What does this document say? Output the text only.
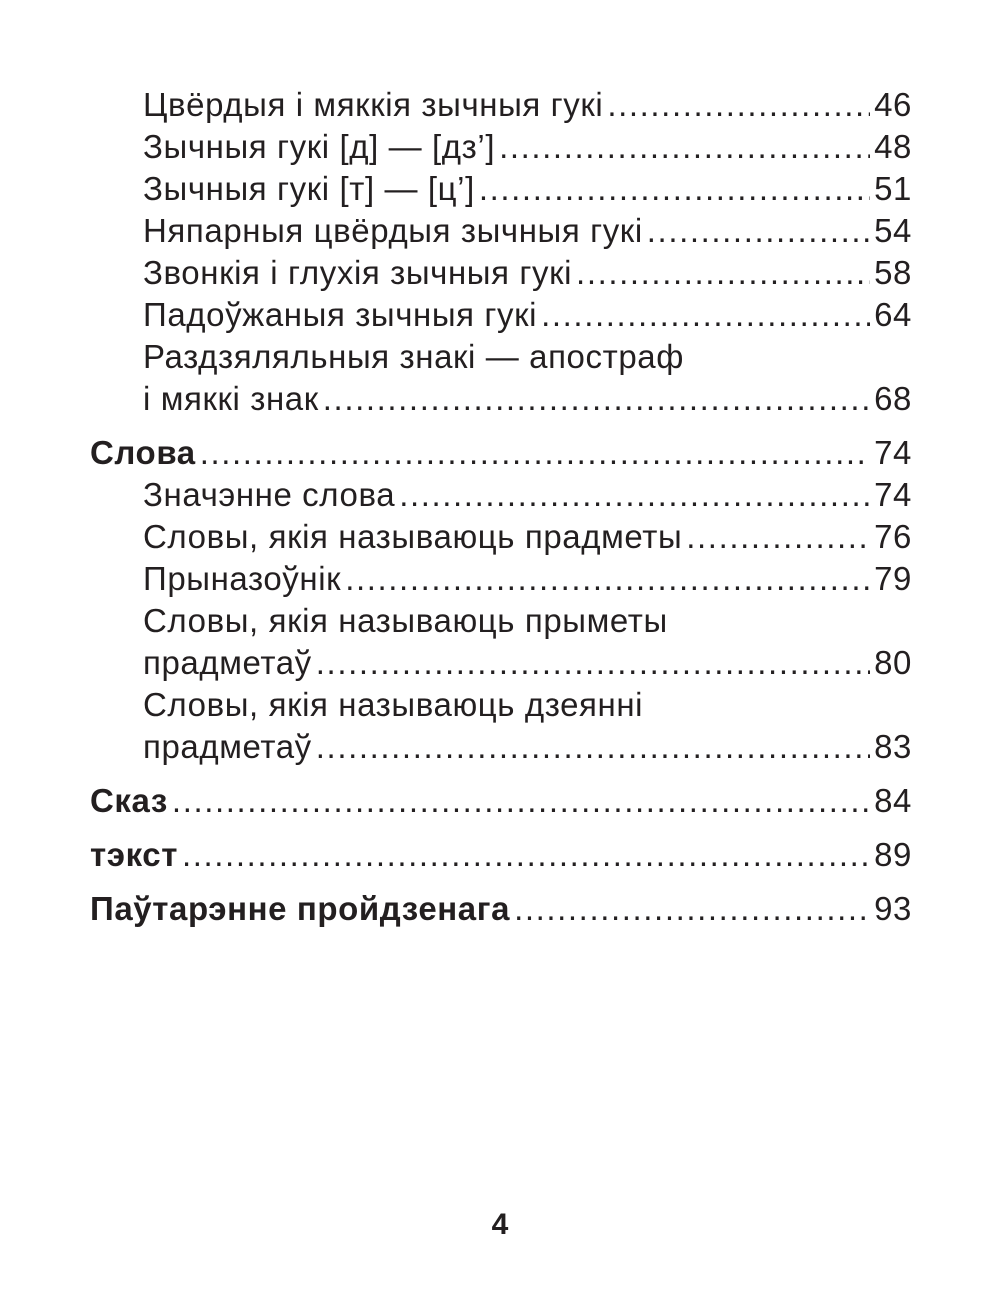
Цвёрдыя і мяккія зычныя гукі .....	46
Зычныя гукі [д] — [дз’] .....	48
Зычныя гукі [т] — [ц’] .....	51
Няпарныя цвёрдыя зычныя гукі .....	54
Звонкія і глухія зычныя гукі .....	58
Падоўжаныя зычныя гукі .....	64
Раздзяляльныя знакі — апостраф
і мяккі знак .....	68
Слова .....	74
Значэнне слова .....	74
Словы, якія называюць прадметы .....	76
Прыназоўнік .....	79
Словы, якія называюць прыметы
прадметаў .....	80
Словы, якія называюць дзеянні
прадметаў .....	83
Сказ .....	84
тэкст .....	89
Паўтарэнне пройдзенага .....	93
4
